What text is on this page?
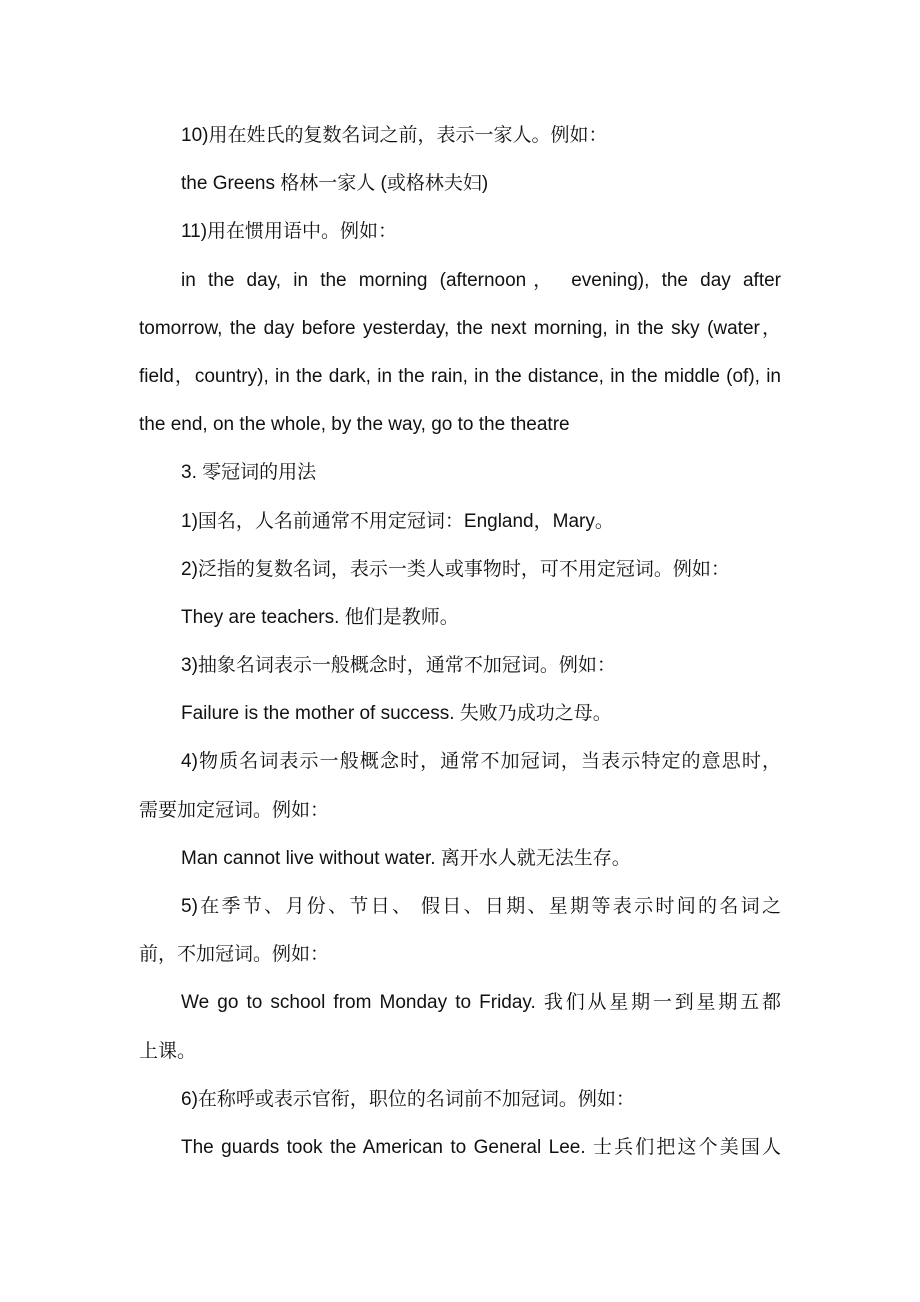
10)用在姓氏的复数名词之前，表示一家人。例如：
the Greens 格林一家人 (或格林夫妇)
11)用在惯用语中。例如：
in the day, in the morning (afternoon， evening), the day after
tomorrow, the day before yesterday, the next morning, in the sky (water，
field，country), in the dark, in the rain, in the distance, in the middle (of), in
the end, on the whole, by the way, go to the theatre
3. 零冠词的用法
1)国名，人名前通常不用定冠词：England，Mary。
2)泛指的复数名词，表示一类人或事物时，可不用定冠词。例如：
They are teachers. 他们是教师。
3)抽象名词表示一般概念时，通常不加冠词。例如：
Failure is the mother of success. 失败乃成功之母。
4)物质名词表示一般概念时，通常不加冠词，当表示特定的意思时，
需要加定冠词。例如：
Man cannot live without water. 离开水人就无法生存。
5)在季节、月份、节日、 假日、日期、星期等表示时间的名词之
前，不加冠词。例如：
We go to school from Monday to Friday. 我们从星期一到星期五都
上课。
6)在称呼或表示官衔，职位的名词前不加冠词。例如：
The guards took the American to General Lee. 士兵们把这个美国人
